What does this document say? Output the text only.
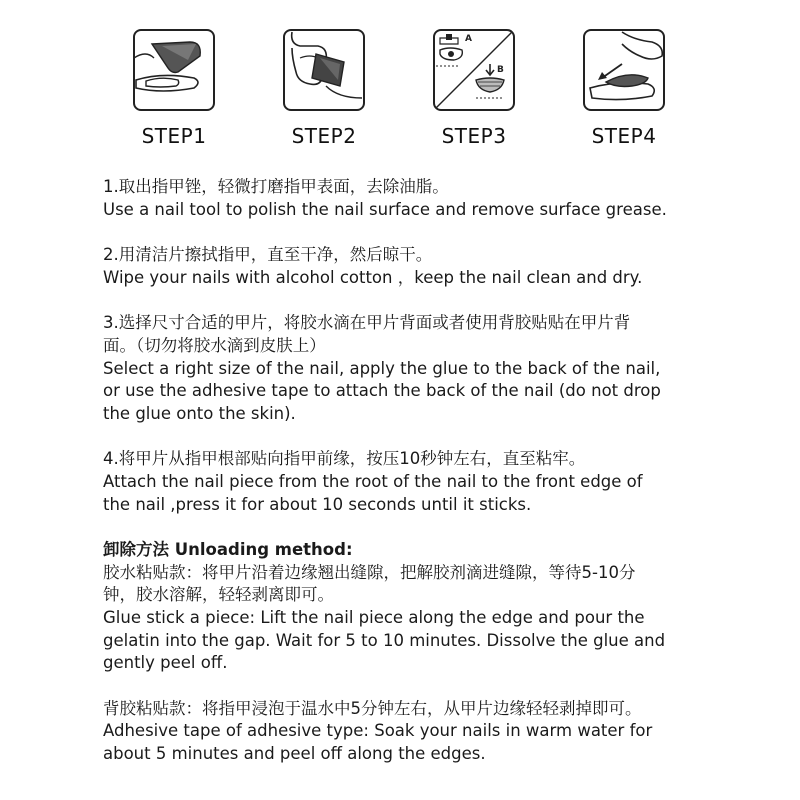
STEP1	STEP2
A
B
STEP3	STEP4

1.取出指甲锉，轻微打磨指甲表面，去除油脂。

Use a nail tool to polish the nail surface and remove surface grease.

2.用清洁片擦拭指甲，直至干净，然后晾干。

Wipe your nails with alcohol cotton ，keep the nail clean and dry.

3.选择尺寸合适的甲片，将胶水滴在甲片背面或者使用背胶贴贴在甲片背

面。（切勿将胶水滴到皮肤上）

Select a right size of the nail, apply the glue to the back of the nail,

or use the adhesive tape to attach the back of the nail (do not drop

the glue onto the skin).

4.将甲片从指甲根部贴向指甲前缘，按压10秒钟左右，直至粘牢。

Attach the nail piece from the root of the nail to the front edge of

the nail ,press it for about 10 seconds until it sticks.

卸除方法 Unloading method:

胶水粘贴款：将甲片沿着边缘翘出缝隙，把解胶剂滴进缝隙，等待5-10分

钟，胶水溶解，轻轻剥离即可。

Glue stick a piece: Lift the nail piece along the edge and pour the

gelatin into the gap. Wait for 5 to 10 minutes. Dissolve the glue and

gently peel off.

背胶粘贴款：将指甲浸泡于温水中5分钟左右，从甲片边缘轻轻剥掉即可。

Adhesive tape of adhesive type: Soak your nails in warm water for

about 5 minutes and peel off along the edges.
